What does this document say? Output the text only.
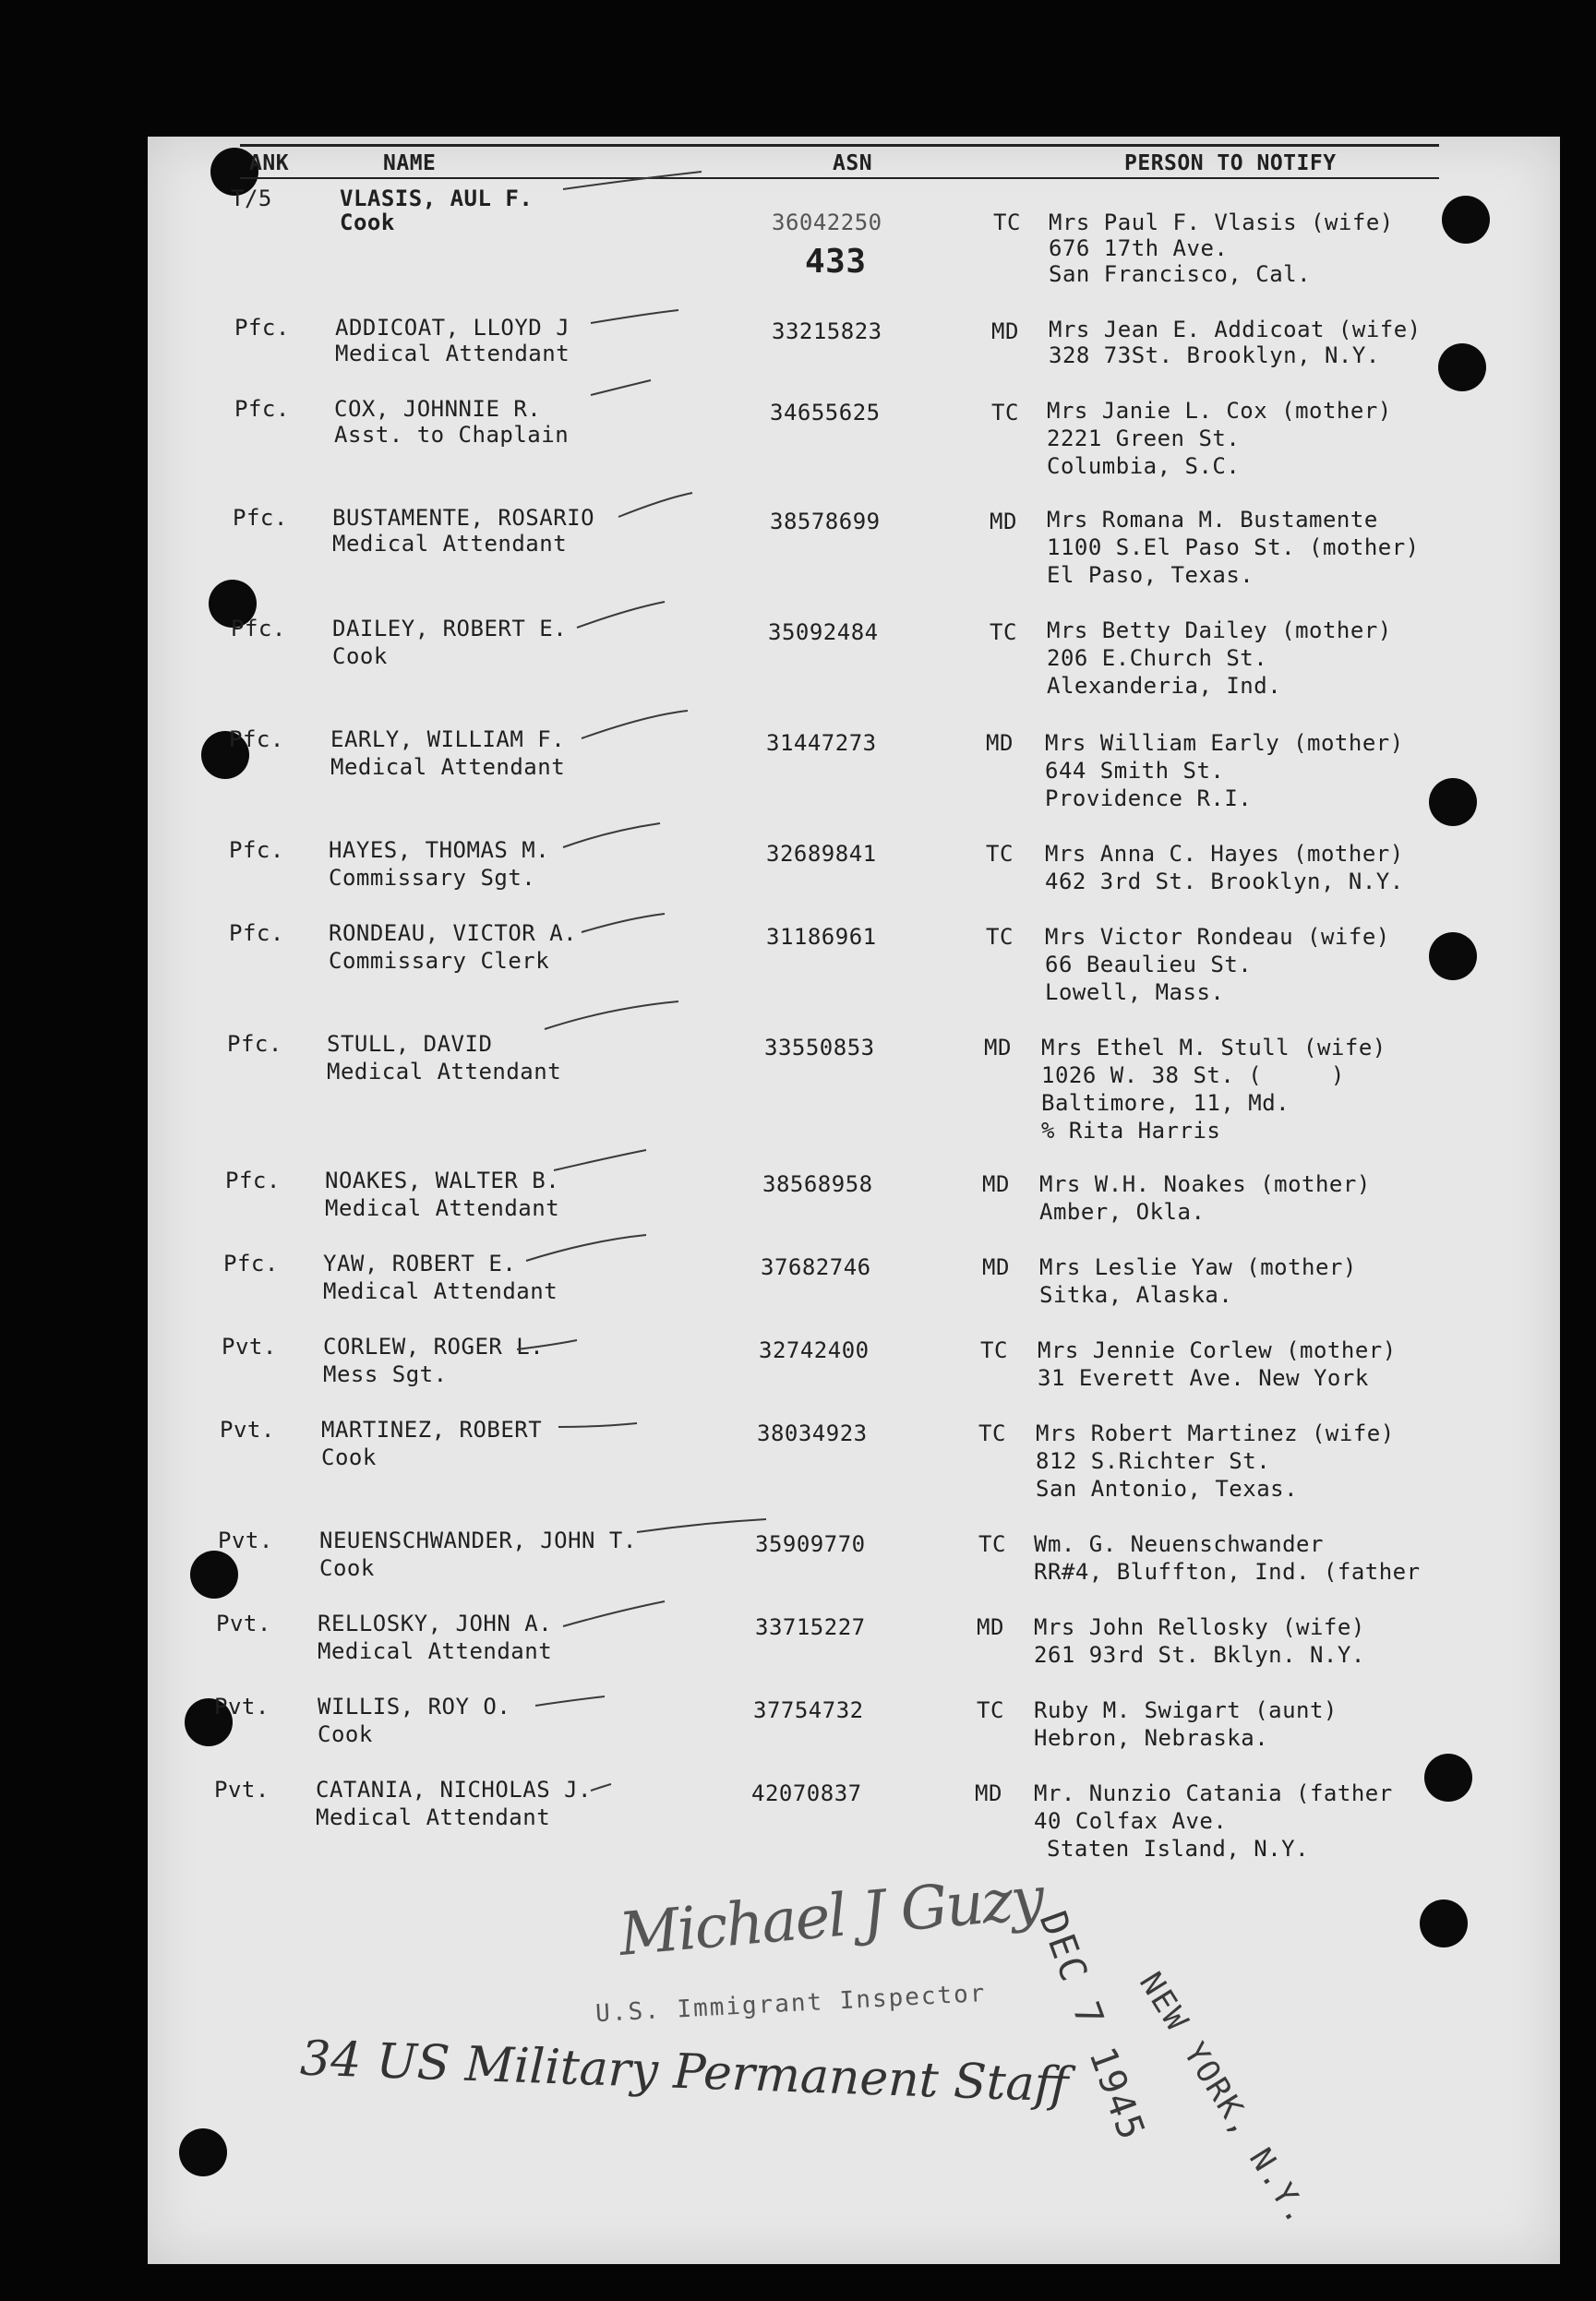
ANK	NAME	ASN	PERSON TO NOTIFY
433
T/5	VLASIS, AUL F.
Cook	36042250	TC Mrs Paul F. Vlasis (wife)
676 17th Ave.
San Francisco, Cal.
Pfc. ADDICOAT, LLOYD J
Medical Attendant
33215823	MD Mrs Jean E. Addicoat (wife)
328 73St. Brooklyn, N.Y.
Pfc. COX, JOHNNIE R.
Asst. to Chaplain
34655625	TC Mrs Janie L. Cox (mother)
2221 Green St.
Columbia, S.C.
Pfc. BUSTAMENTE, ROSARIO
Medical Attendant
38578699	MD Mrs Romana M. Bustamente
1100 S.El Paso St. (mother)
El Paso, Texas.
Pfc. DAILEY, ROBERT E.
Cook
35092484	TC Mrs Betty Dailey (mother)
206 E.Church St.
Alexanderia, Ind.
Pfc. EARLY, WILLIAM F.
Medical Attendant
31447273	MD Mrs William Early (mother)
644 Smith St.
Providence R.I.
Pfc. HAYES, THOMAS M.
Commissary Sgt.
32689841	TC Mrs Anna C. Hayes (mother)
462 3rd St. Brooklyn, N.Y.
Pfc. RONDEAU, VICTOR A.
Commissary Clerk
31186961	TC Mrs Victor Rondeau (wife)
66 Beaulieu St.
Lowell, Mass.
Pfc. STULL, DAVID
Medical Attendant
33550853	MD Mrs Ethel M. Stull (wife)
1026 W. 38 St. (     )
Baltimore, 11, Md.
% Rita Harris
Pfc. NOAKES, WALTER B.
Medical Attendant
38568958	MD Mrs W.H. Noakes (mother)
Amber, Okla.
Pfc. YAW, ROBERT E.
Medical Attendant
37682746	MD Mrs Leslie Yaw (mother)
Sitka, Alaska.
Pvt. CORLEW, ROGER L.
Mess Sgt.
32742400	TC Mrs Jennie Corlew (mother)
31 Everett Ave. New York
Pvt. MARTINEZ, ROBERT
Cook
38034923	TC Mrs Robert Martinez (wife)
812 S.Richter St.
San Antonio, Texas.
Pvt. NEUENSCHWANDER, JOHN T.
Cook
35909770	TC Wm. G. Neuenschwander
RR#4, Bluffton, Ind. (father
Pvt. RELLOSKY, JOHN A.
Medical Attendant
33715227	MD Mrs John Rellosky (wife)
261 93rd St. Bklyn. N.Y.
Pvt. WILLIS, ROY O.
Cook
37754732	TC Ruby M. Swigart (aunt)
Hebron, Nebraska.
Pvt. CATANIA, NICHOLAS J.
Medical Attendant
42070837	MD Mr. Nunzio Catania (father
40 Colfax Ave.
Staten Island, N.Y.
Michael J Guzy
U.S. Immigrant Inspector	NEW YORK, N.Y.
DEC 7 1945
34 US Military Permanent Staff
